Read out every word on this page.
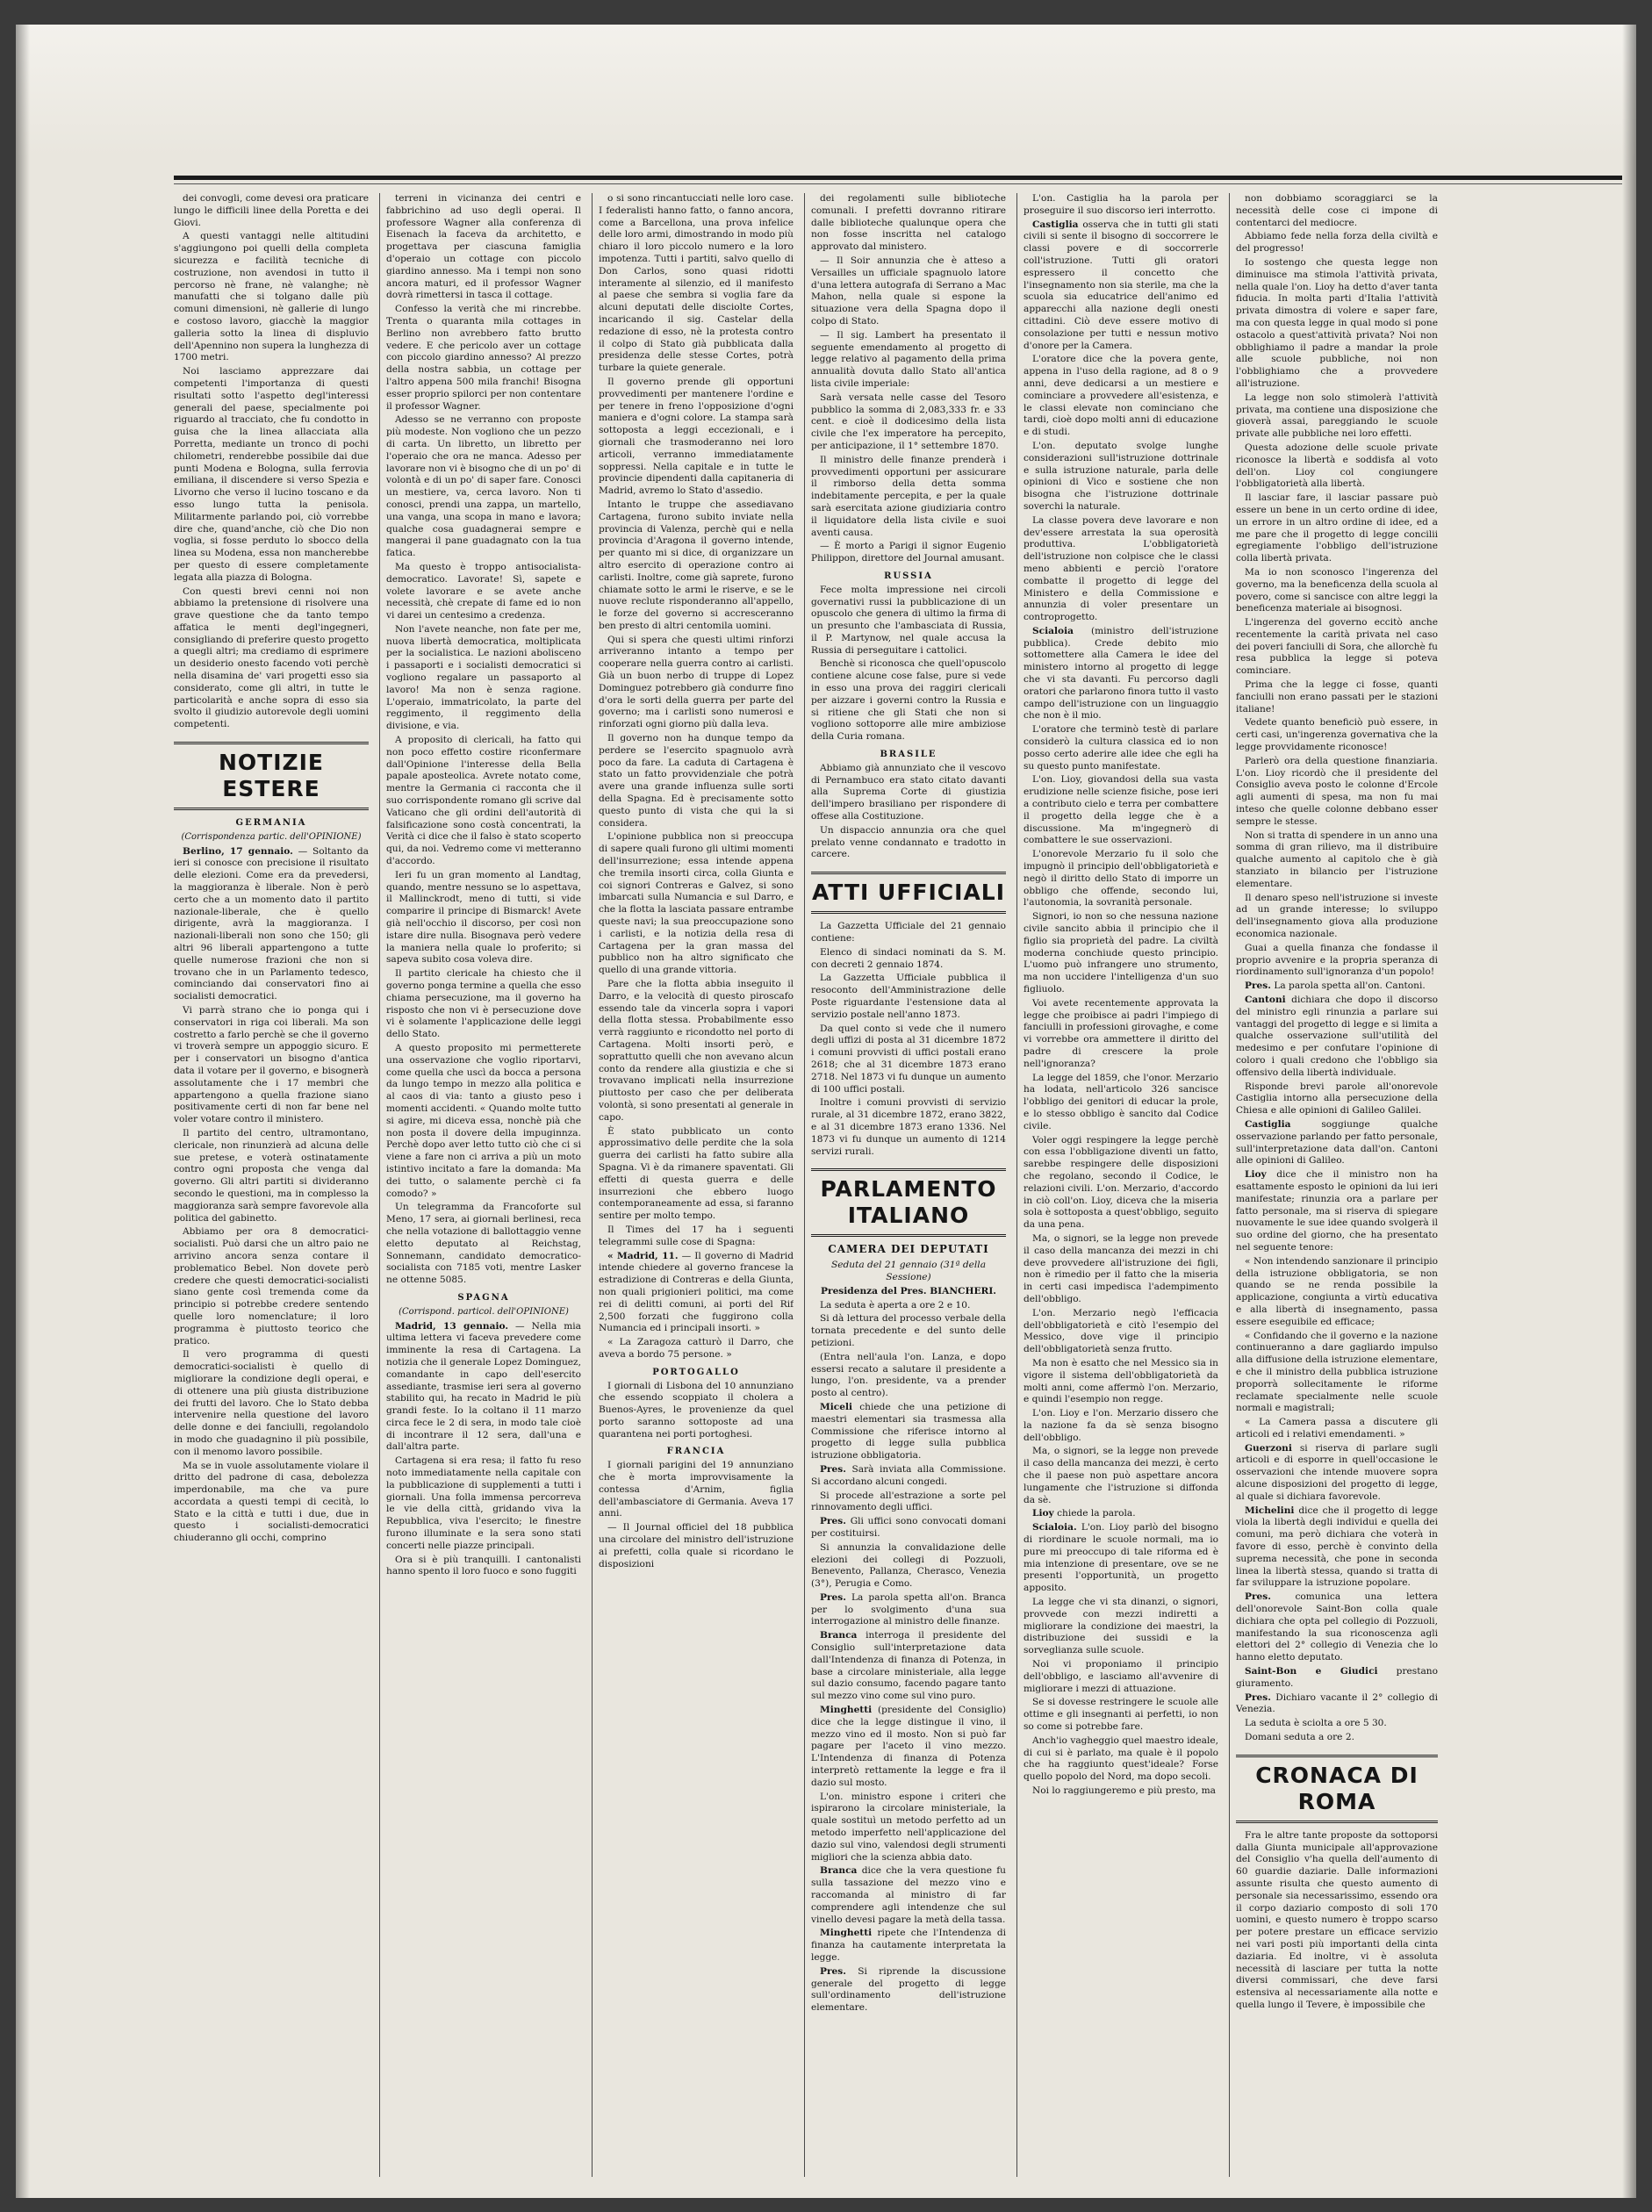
dei convogli, come devesi ora praticare lungo le difficili linee della Poretta e dei Giovi.

A questi vantaggi nelle altitudini s'aggiungono poi quelli della completa sicurezza e facilità tecniche di costruzione, non avendosi in tutto il percorso nè frane, nè valanghe; nè manufatti che si tolgano dalle più comuni dimensioni, nè gallerie di lungo e costoso lavoro, giacchè la maggior galleria sotto la linea di displuvio dell'Apennino non supera la lunghezza di 1700 metri.

Noi lasciamo apprezzare dai competenti l'importanza di questi risultati sotto l'aspetto degl'interessi generali del paese, specialmente poi riguardo al tracciato, che fu condotto in guisa che la linea allacciata alla Porretta, mediante un tronco di pochi chilometri, renderebbe possibile dai due punti Modena e Bologna, sulla ferrovia emiliana, il discendere si verso Spezia e Livorno che verso il lucino toscano e da esso lungo tutta la penisola. Militarmente parlando poi, ciò vorrebbe dire che, quand'anche, ciò che Dio non voglia, si fosse perduto lo sbocco della linea su Modena, essa non mancherebbe per questo di essere completamente legata alla piazza di Bologna.

Con questi brevi cenni noi non abbiamo la pretensione di risolvere una grave questione che da tanto tempo affatica le menti degl'ingegneri, consigliando di preferire questo progetto a quegli altri; ma crediamo di esprimere un desiderio onesto facendo voti perchè nella disamina de' vari progetti esso sia considerato, come gli altri, in tutte le particolarità e anche sopra di esso sia svolto il giudizio autorevole degli uomini competenti.

NOTIZIE ESTERE
GERMANIA
(Corrispondenza partic. dell'OPINIONE)

Berlino, 17 gennaio. — Soltanto da ieri si conosce con precisione il risultato delle elezioni. Come era da prevedersi, la maggioranza è liberale. Non è però certo che a un momento dato il partito nazionale-liberale, che è quello dirigente, avrà la maggioranza. I nazionali-liberali non sono che 150; gli altri 96 liberali appartengono a tutte quelle numerose frazioni che non si trovano che in un Parlamento tedesco, cominciando dai conservatori fino ai socialisti democratici.

Vi parrà strano che io ponga qui i conservatori in riga coi liberali. Ma son costretto a farlo perchè se che il governo vi troverà sempre un appoggio sicuro. E per i conservatori un bisogno d'antica data il votare per il governo, e bisognerà assolutamente che i 17 membri che appartengono a quella frazione siano positivamente certi di non far bene nel voler votare contro il ministero.

Il partito del centro, ultramontano, clericale, non rinunzierà ad alcuna delle sue pretese, e voterà ostinatamente contro ogni proposta che venga dal governo. Gli altri partiti si divideranno secondo le questioni, ma in complesso la maggioranza sarà sempre favorevole alla politica del gabinetto.

Abbiamo per ora 8 democratici-socialisti. Può darsi che un altro paio ne arrivino ancora senza contare il problematico Bebel. Non dovete però credere che questi democratici-socialisti siano gente così tremenda come da principio si potrebbe credere sentendo quelle loro nomenclature; il loro programma è piuttosto teorico che pratico.

Il vero programma di questi democratici-socialisti è quello di migliorare la condizione degli operai, e di ottenere una più giusta distribuzione dei frutti del lavoro. Che lo Stato debba intervenire nella questione del lavoro delle donne e dei fanciulli, regolandolo in modo che guadagnino il più possibile, con il menomo lavoro possibile.

Ma se in vuole assolutamente violare il dritto del padrone di casa, debolezza imperdonabile, ma che va pure accordata a questi tempi di cecità, lo Stato e la città e tutti i due, due in questo i socialisti-democratici chiuderanno gli occhi, comprino

terreni in vicinanza dei centri e fabbrichino ad uso degli operai. Il professore Wagner alla conferenza di Eisenach la faceva da architetto, e progettava per ciascuna famiglia d'operaio un cottage con piccolo giardino annesso. Ma i tempi non sono ancora maturi, ed il professor Wagner dovrà rimettersi in tasca il cottage.

Confesso la verità che mi rincrebbe. Trenta o quaranta mila cottages in Berlino non avrebbero fatto brutto vedere. E che pericolo aver un cottage con piccolo giardino annesso? Al prezzo della nostra sabbia, un cottage per l'altro appena 500 mila franchi! Bisogna esser proprio spilorci per non contentare il professor Wagner.

Adesso se ne verranno con proposte più modeste. Non vogliono che un pezzo di carta. Un libretto, un libretto per l'operaio che ora ne manca. Adesso per lavorare non vi è bisogno che di un po' di volontà e di un po' di saper fare. Conosci un mestiere, va, cerca lavoro. Non ti conosci, prendi una zappa, un martello, una vanga, una scopa in mano e lavora; qualche cosa guadagnerai sempre e mangerai il pane guadagnato con la tua fatica.

Ma questo è troppo antisocialista-democratico. Lavorate! Sì, sapete e volete lavorare e se avete anche necessità, chè crepate di fame ed io non vi darei un centesimo a credenza.

Non l'avete neanche, non fate per me, nuova libertà democratica, moltiplicata per la socialistica. Le nazioni abolisceno i passaporti e i socialisti democratici si vogliono regalare un passaporto al lavoro! Ma non è senza ragione. L'operaio, immatricolato, la parte del reggimento, il reggimento della divisione, e via.

A proposito di clericali, ha fatto qui non poco effetto costire riconfermare dall'Opinione l'interesse della Bella papale aposteolica. Avrete notato come, mentre la Germania ci racconta che il suo corrispondente romano gli scrive dal Vaticano che gli ordini dell'autorità di falsificazione sono costà concentrati, la Verità ci dice che il falso è stato scoperto qui, da noi. Vedremo come vi metteranno d'accordo.

Ieri fu un gran momento al Landtag, quando, mentre nessuno se lo aspettava, il Mallinckrodt, meno di tutti, si vide comparire il principe di Bismarck! Avete già nell'occhio il discorso, per così non istare dire nulla. Bisognava però vedere la maniera nella quale lo proferito; si sapeva subito cosa voleva dire.

Il partito clericale ha chiesto che il governo ponga termine a quella che esso chiama persecuzione, ma il governo ha risposto che non vi è persecuzione dove vi è solamente l'applicazione delle leggi dello Stato.

A questo proposito mi permetterete una osservazione che voglio riportarvi, come quella che uscì da bocca a persona da lungo tempo in mezzo alla politica e al caos di via: tanto a giusto peso i momenti accidenti. « Quando molte tutto si agire, mi diceva essa, nonchè pià che non posta il dovere della impuginnza. Perchè dopo aver letto tutto ciò che ci si viene a fare non ci arriva a più un moto istintivo incitato a fare la domanda: Ma dei tutto, o salamente perchè ci fa comodo? »

Un telegramma da Francoforte sul Meno, 17 sera, ai giornali berlinesi, reca che nella votazione di ballottaggio venne eletto deputato al Reichstag, Sonnemann, candidato democratico-socialista con 7185 voti, mentre Lasker ne ottenne 5085.

SPAGNA
(Corrispond. particol. dell'OPINIONE)

Madrid, 13 gennaio. — Nella mia ultima lettera vi faceva prevedere come imminente la resa di Cartagena. La notizia che il generale Lopez Dominguez, comandante in capo dell'esercito assediante, trasmise ieri sera al governo stabilito qui, ha recato in Madrid le più grandi feste. Io la coltano il 11 marzo circa fece le 2 di sera, in modo tale cioè di incontrare il 12 sera, dall'una e dall'altra parte.

Cartagena si era resa; il fatto fu reso noto immediatamente nella capitale con la pubblicazione di supplementi a tutti i giornali. Una folla immensa percorreva le vie della città, gridando viva la Repubblica, viva l'esercito; le finestre furono illuminate e la sera sono stati concerti nelle piazze principali.

Ora si è più tranquilli. I cantonalisti hanno spento il loro fuoco e sono fuggiti

o si sono rincantucciati nelle loro case. I federalisti hanno fatto, o fanno ancora, come a Barcellona, una prova infelice delle loro armi, dimostrando in modo più chiaro il loro piccolo numero e la loro impotenza. Tutti i partiti, salvo quello di Don Carlos, sono quasi ridotti interamente al silenzio, ed il manifesto al paese che sembra si voglia fare da alcuni deputati delle disciolte Cortes, incaricando il sig. Castelar della redazione di esso, nè la protesta contro il colpo di Stato già pubblicata dalla presidenza delle stesse Cortes, potrà turbare la quiete generale.

Il governo prende gli opportuni provvedimenti per mantenere l'ordine e per tenere in freno l'opposizione d'ogni maniera e d'ogni colore. La stampa sarà sottoposta a leggi eccezionali, e i giornali che trasmoderanno nei loro articoli, verranno immediatamente soppressi. Nella capitale e in tutte le provincie dipendenti dalla capitaneria di Madrid, avremo lo Stato d'assedio.

Intanto le truppe che assediavano Cartagena, furono subito inviate nella provincia di Valenza, perchè qui e nella provincia d'Aragona il governo intende, per quanto mi si dice, di organizzare un altro esercito di operazione contro ai carlisti. Inoltre, come già saprete, furono chiamate sotto le armi le riserve, e se le nuove reclute risponderanno all'appello, le forze del governo si accresceranno ben presto di altri centomila uomini.

Qui si spera che questi ultimi rinforzi arriveranno intanto a tempo per cooperare nella guerra contro ai carlisti. Già un buon nerbo di truppe di Lopez Dominguez potrebbero già condurre fino d'ora le sorti della guerra per parte del governo; ma i carlisti sono numerosi e rinforzati ogni giorno più dalla leva.

Il governo non ha dunque tempo da perdere se l'esercito spagnuolo avrà poco da fare. La caduta di Cartagena è stato un fatto provvidenziale che potrà avere una grande influenza sulle sorti della Spagna. Ed è precisamente sotto questo punto di vista che qui la si considera.

L'opinione pubblica non si preoccupa di sapere quali furono gli ultimi momenti dell'insurrezione; essa intende appena che tremila insorti circa, colla Giunta e coi signori Contreras e Galvez, si sono imbarcati sulla Numancia e sul Darro, e che la flotta la lasciata passare entrambe queste navi; la sua preoccupazione sono i carlisti, e la notizia della resa di Cartagena per la gran massa del pubblico non ha altro significato che quello di una grande vittoria.

Pare che la flotta abbia inseguito il Darro, e la velocità di questo piroscafo essendo tale da vincerla sopra i vapori della flotta stessa. Probabilmente esso verrà raggiunto e ricondotto nel porto di Cartagena. Molti insorti però, e soprattutto quelli che non avevano alcun conto da rendere alla giustizia e che si trovavano implicati nella insurrezione piuttosto per caso che per deliberata volontà, si sono presentati al generale in capo.

È stato pubblicato un conto approssimativo delle perdite che la sola guerra dei carlisti ha fatto subire alla Spagna. Vi è da rimanere spaventati. Gli effetti di questa guerra e delle insurrezioni che ebbero luogo contemporaneamente ad essa, si faranno sentire per molto tempo.

Il Times del 17 ha i seguenti telegrammi sulle cose di Spagna:

« Madrid, 11. — Il governo di Madrid intende chiedere al governo francese la estradizione di Contreras e della Giunta, non quali prigionieri politici, ma come rei di delitti comuni, ai porti del Rif 2,500 forzati che fuggirono colla Numancia ed i principali insorti. »

« La Zaragoza catturò il Darro, che aveva a bordo 75 persone. »

PORTOGALLO

I giornali di Lisbona del 10 annunziano che essendo scoppiato il cholera a Buenos-Ayres, le provenienze da quel porto saranno sottoposte ad una quarantena nei porti portoghesi.

FRANCIA

I giornali parigini del 19 annunziano che è morta improvvisamente la contessa d'Arnim, figlia dell'ambasciatore di Germania. Aveva 17 anni.

— Il Journal officiel del 18 pubblica una circolare del ministro dell'istruzione ai prefetti, colla quale si ricordano le disposizioni

dei regolamenti sulle biblioteche comunali. I prefetti dovranno ritirare dalle biblioteche qualunque opera che non fosse inscritta nel catalogo approvato dal ministero.

— Il Soir annunzia che è atteso a Versailles un ufficiale spagnuolo latore d'una lettera autografa di Serrano a Mac Mahon, nella quale si espone la situazione vera della Spagna dopo il colpo di Stato.

— Il sig. Lambert ha presentato il seguente emendamento al progetto di legge relativo al pagamento della prima annualità dovuta dallo Stato all'antica lista civile imperiale:

Sarà versata nelle casse del Tesoro pubblico la somma di 2,083,333 fr. e 33 cent. e cioè il dodicesimo della lista civile che l'ex imperatore ha percepito, per anticipazione, il 1° settembre 1870.

Il ministro delle finanze prenderà i provvedimenti opportuni per assicurare il rimborso della detta somma indebitamente percepita, e per la quale sarà esercitata azione giudiziaria contro il liquidatore della lista civile e suoi aventi causa.

— È morto a Parigi il signor Eugenio Philippon, direttore del Journal amusant.

RUSSIA

Fece molta impressione nei circoli governativi russi la pubblicazione di un opuscolo che genera di ultimo la firma di un presunto che l'ambasciata di Russia, il P. Martynow, nel quale accusa la Russia di perseguitare i cattolici.

Benchè si riconosca che quell'opuscolo contiene alcune cose false, pure si vede in esso una prova dei raggiri clericali per aizzare i governi contro la Russia e si ritiene che gli Stati che non si vogliono sottoporre alle mire ambiziose della Curia romana.

BRASILE

Abbiamo già annunziato che il vescovo di Pernambuco era stato citato davanti alla Suprema Corte di giustizia dell'impero brasiliano per rispondere di offese alla Costituzione.

Un dispaccio annunzia ora che quel prelato venne condannato e tradotto in carcere.

ATTI UFFICIALI

La Gazzetta Ufficiale del 21 gennaio contiene:

Elenco di sindaci nominati da S. M. con decreti 2 gennaio 1874.

La Gazzetta Ufficiale pubblica il resoconto dell'Amministrazione delle Poste riguardante l'estensione data al servizio postale nell'anno 1873.

Da quel conto si vede che il numero degli uffizi di posta al 31 dicembre 1872 i comuni provvisti di uffici postali erano 2618; che al 31 dicembre 1873 erano 2718. Nel 1873 vi fu dunque un aumento di 100 uffici postali.

Inoltre i comuni provvisti di servizio rurale, al 31 dicembre 1872, erano 3822, e al 31 dicembre 1873 erano 1336. Nel 1873 vi fu dunque un aumento di 1214 servizi rurali.

PARLAMENTO ITALIANO
CAMERA DEI DEPUTATI
Seduta del 21 gennaio (31ª della Sessione)
Presidenza del Pres. BIANCHERI.

La seduta è aperta a ore 2 e 10.

Si dà lettura del processo verbale della tornata precedente e del sunto delle petizioni.

(Entra nell'aula l'on. Lanza, e dopo essersi recato a salutare il presidente a lungo, l'on. presidente, va a prender posto al centro).

Miceli chiede che una petizione di maestri elementari sia trasmessa alla Commissione che riferisce intorno al progetto di legge sulla pubblica istruzione obbligatoria.

Pres. Sarà inviata alla Commissione. Si accordano alcuni congedi.

Si procede all'estrazione a sorte pel rinnovamento degli uffici.

Pres. Gli uffici sono convocati domani per costituirsi.

Si annunzia la convalidazione delle elezioni dei collegi di Pozzuoli, Benevento, Pallanza, Cherasco, Venezia (3°), Perugia e Como.

Pres. La parola spetta all'on. Branca per lo svolgimento d'una sua interrogazione al ministro delle finanze.

Branca interroga il presidente del Consiglio sull'interpretazione data dall'Intendenza di finanza di Potenza, in base a circolare ministeriale, alla legge sul dazio consumo, facendo pagare tanto sul mezzo vino come sul vino puro.

Minghetti (presidente del Consiglio) dice che la legge distingue il vino, il mezzo vino ed il mosto. Non si può far pagare per l'aceto il vino mezzo. L'Intendenza di finanza di Potenza interpretò rettamente la legge e fra il dazio sul mosto.

L'on. ministro espone i criteri che ispirarono la circolare ministeriale, la quale sostituì un metodo perfetto ad un metodo imperfetto nell'applicazione del dazio sul vino, valendosi degli strumenti migliori che la scienza abbia dato.

Branca dice che la vera questione fu sulla tassazione del mezzo vino e raccomanda al ministro di far comprendere agli intendenze che sul vinello devesi pagare la metà della tassa.

Minghetti ripete che l'Intendenza di finanza ha cautamente interpretata la legge.

Pres. Si riprende la discussione generale del progetto di legge sull'ordinamento dell'istruzione elementare.

L'on. Castiglia ha la parola per proseguire il suo discorso ieri interrotto.

Castiglia osserva che in tutti gli stati civili si sente il bisogno di soccorrere le classi povere e di soccorrerle coll'istruzione. Tutti gli oratori espressero il concetto che l'insegnamento non sia sterile, ma che la scuola sia educatrice dell'animo ed apparecchi alla nazione degli onesti cittadini. Ciò deve essere motivo di consolazione per tutti e nessun motivo d'onore per la Camera.

L'oratore dice che la povera gente, appena in l'uso della ragione, ad 8 o 9 anni, deve dedicarsi a un mestiere e cominciare a provvedere all'esistenza, e le classi elevate non cominciano che tardi, cioè dopo molti anni di educazione e di studi.

L'on. deputato svolge lunghe considerazioni sull'istruzione dottrinale e sulla istruzione naturale, parla delle opinioni di Vico e sostiene che non bisogna che l'istruzione dottrinale soverchi la naturale.

La classe povera deve lavorare e non dev'essere arrestata la sua operosità produttiva. L'obbligatorietà dell'istruzione non colpisce che le classi meno abbienti e perciò l'oratore combatte il progetto di legge del Ministero e della Commissione e annunzia di voler presentare un controprogetto.

Scialoia (ministro dell'istruzione pubblica). Crede debito mio sottomettere alla Camera le idee del ministero intorno al progetto di legge che vi sta davanti. Fu percorso dagli oratori che parlarono finora tutto il vasto campo dell'istruzione con un linguaggio che non è il mio.

L'oratore che terminò testè di parlare considerò la cultura classica ed io non posso certo aderire alle idee che egli ha su questo punto manifestate.

L'on. Lioy, giovandosi della sua vasta erudizione nelle scienze fisiche, pose ieri a contributo cielo e terra per combattere il progetto della legge che è a discussione. Ma m'ingegnerò di combattere le sue osservazioni.

L'onorevole Merzario fu il solo che impugnò il principio dell'obbligatorietà e negò il diritto dello Stato di imporre un obbligo che offende, secondo lui, l'autonomia, la sovranità personale.

Signori, io non so che nessuna nazione civile sancito abbia il principio che il figlio sia proprietà del padre. La civiltà moderna conchiude questo principio. L'uomo può infrangere uno strumento, ma non uccidere l'intelligenza d'un suo figliuolo.

Voi avete recentemente approvata la legge che proibisce ai padri l'impiego di fanciulli in professioni girovaghe, e come vi vorrebbe ora ammettere il diritto del padre di crescere la prole nell'ignoranza?

La legge del 1859, che l'onor. Merzario ha lodata, nell'articolo 326 sancisce l'obbligo dei genitori di educar la prole, e lo stesso obbligo è sancito dal Codice civile.

Voler oggi respingere la legge perchè con essa l'obbligazione diventi un fatto, sarebbe respingere delle disposizioni che regolano, secondo il Codice, le relazioni civili. L'on. Merzario, d'accordo in ciò coll'on. Lioy, diceva che la miseria sola è sottoposta a quest'obbligo, seguito da una pena.

Ma, o signori, se la legge non prevede il caso della mancanza dei mezzi in chi deve provvedere all'istruzione dei figli, non è rimedio per il fatto che la miseria in certi casi impedisca l'adempimento dell'obbligo.

L'on. Merzario negò l'efficacia dell'obbligatorietà e citò l'esempio del Messico, dove vige il principio dell'obbligatorietà senza frutto.

Ma non è esatto che nel Messico sia in vigore il sistema dell'obbligatorietà da molti anni, come affermò l'on. Merzario, e quindi l'esempio non regge.

L'on. Lioy e l'on. Merzario dissero che la nazione fa da sè senza bisogno dell'obbligo.

Ma, o signori, se la legge non prevede il caso della mancanza dei mezzi, è certo che il paese non può aspettare ancora lungamente che l'istruzione si diffonda da sè.

Lioy chiede la parola.

Scialoia. L'on. Lioy parlò del bisogno di riordinare le scuole normali, ma io pure mi preoccupo di tale riforma ed è mia intenzione di presentare, ove se ne presenti l'opportunità, un progetto apposito.

La legge che vi sta dinanzi, o signori, provvede con mezzi indiretti a migliorare la condizione dei maestri, la distribuzione dei sussidi e la sorveglianza sulle scuole.

Noi vi proponiamo il principio dell'obbligo, e lasciamo all'avvenire di migliorare i mezzi di attuazione.

Se si dovesse restringere le scuole alle ottime e gli insegnanti ai perfetti, io non so come si potrebbe fare.

Anch'io vagheggio quel maestro ideale, di cui si è parlato, ma quale è il popolo che ha raggiunto quest'ideale? Forse quello popolo del Nord, ma dopo secoli.

Noi lo raggiungeremo e più presto, ma

non dobbiamo scoraggiarci se la necessità delle cose ci impone di contentarci del mediocre.

Abbiamo fede nella forza della civiltà e del progresso!

Io sostengo che questa legge non diminuisce ma stimola l'attività privata, nella quale l'on. Lioy ha detto d'aver tanta fiducia. In molta parti d'Italia l'attività privata dimostra di volere e saper fare, ma con questa legge in qual modo si pone ostacolo a quest'attività privata? Noi non obblighiamo il padre a mandar la prole alle scuole pubbliche, noi non l'obblighiamo che a provvedere all'istruzione.

La legge non solo stimolerà l'attività privata, ma contiene una disposizione che gioverà assai, pareggiando le scuole private alle pubbliche nei loro effetti.

Questa adozione delle scuole private riconosce la libertà e soddisfa al voto dell'on. Lioy col congiungere l'obbligatorietà alla libertà.

Il lasciar fare, il lasciar passare può essere un bene in un certo ordine di idee, un errore in un altro ordine di idee, ed a me pare che il progetto di legge concilii egregiamente l'obbligo dell'istruzione colla libertà privata.

Ma io non sconosco l'ingerenza del governo, ma la beneficenza della scuola al povero, come si sancisce con altre leggi la beneficenza materiale ai bisognosi.

L'ingerenza del governo eccitò anche recentemente la carità privata nel caso dei poveri fanciulli di Sora, che allorchè fu resa pubblica la legge si poteva cominciare.

Prima che la legge ci fosse, quanti fanciulli non erano passati per le stazioni italiane!

Vedete quanto beneficiò può essere, in certi casi, un'ingerenza governativa che la legge provvidamente riconosce!

Parlerò ora della questione finanziaria. L'on. Lioy ricordò che il presidente del Consiglio aveva posto le colonne d'Ercole agli aumenti di spesa, ma non fu mai inteso che quelle colonne debbano esser sempre le stesse.

Non si tratta di spendere in un anno una somma di gran rilievo, ma il distribuire qualche aumento al capitolo che è già stanziato in bilancio per l'istruzione elementare.

Il denaro speso nell'istruzione si investe ad un grande interesse; lo sviluppo dell'insegnamento giova alla produzione economica nazionale.

Guai a quella finanza che fondasse il proprio avvenire e la propria speranza di riordinamento sull'ignoranza d'un popolo!

Pres. La parola spetta all'on. Cantoni.

Cantoni dichiara che dopo il discorso del ministro egli rinunzia a parlare sui vantaggi del progetto di legge e si limita a qualche osservazione sull'utilità del medesimo e per confutare l'opinione di coloro i quali credono che l'obbligo sia offensivo della libertà individuale.

Risponde brevi parole all'onorevole Castiglia intorno alla persecuzione della Chiesa e alle opinioni di Galileo Galilei.

Castiglia	soggiunge qualche osservazione parlando per fatto personale, sull'interpretazione data dall'on. Cantoni alle opinioni di Galileo.

Lioy dice che il ministro non ha esattamente esposto le opinioni da lui ieri manifestate; rinunzia ora a parlare per fatto personale, ma si riserva di spiegare nuovamente le sue idee quando svolgerà il suo ordine del giorno, che ha presentato nel seguente tenore:

« Non intendendo sanzionare il principio della istruzione obbligatoria, se non quando se ne renda possibile la applicazione, congiunta a virtù educativa e alla libertà di insegnamento, passa essere eseguibile ed efficace;

« Confidando che il governo e la nazione continueranno a dare gagliardo impulso alla diffusione della istruzione elementare, e che il ministro della pubblica istruzione proporrà sollecitamente le riforme reclamate specialmente nelle scuole normali e magistrali;

« La Camera passa a discutere gli articoli ed i relativi emendamenti. »

Guerzoni si riserva di parlare sugli articoli e di esporre in quell'occasione le osservazioni che intende muovere sopra alcune disposizioni del progetto di legge, al quale si dichiara favorevole.

Michelini dice che il progetto di legge viola la libertà degli individui e quella dei comuni, ma però dichiara che voterà in favore di esso, perchè è convinto della suprema necessità, che pone in seconda linea la libertà stessa, quando si tratta di far sviluppare la istruzione popolare.

Pres.	comunica una lettera dell'onorevole Saint-Bon colla quale dichiara che opta pel collegio di Pozzuoli, manifestando la sua riconoscenza agli elettori del 2° collegio di Venezia che lo hanno eletto deputato.

Saint-Bon e Giudici prestano giuramento.

Pres. Dichiaro vacante il 2° collegio di Venezia.

La seduta è sciolta a ore 5 30.

Domani seduta a ore 2.

CRONACA DI ROMA

Fra le altre tante proposte da sottoporsi dalla Giunta municipale all'approvazione del Consiglio v'ha quella dell'aumento di 60 guardie daziarie. Dalle informazioni assunte risulta che questo aumento di personale sia necessarissimo, essendo ora il corpo daziario composto di soli 170 uomini, e questo numero è troppo scarso per potere prestare un efficace servizio nei vari posti più importanti della cinta daziaria. Ed inoltre, vi è assoluta necessità di lasciare per tutta la notte diversi commissari, che deve farsi estensiva al necessariamente alla notte e quella lungo il Tevere, è impossibile che
